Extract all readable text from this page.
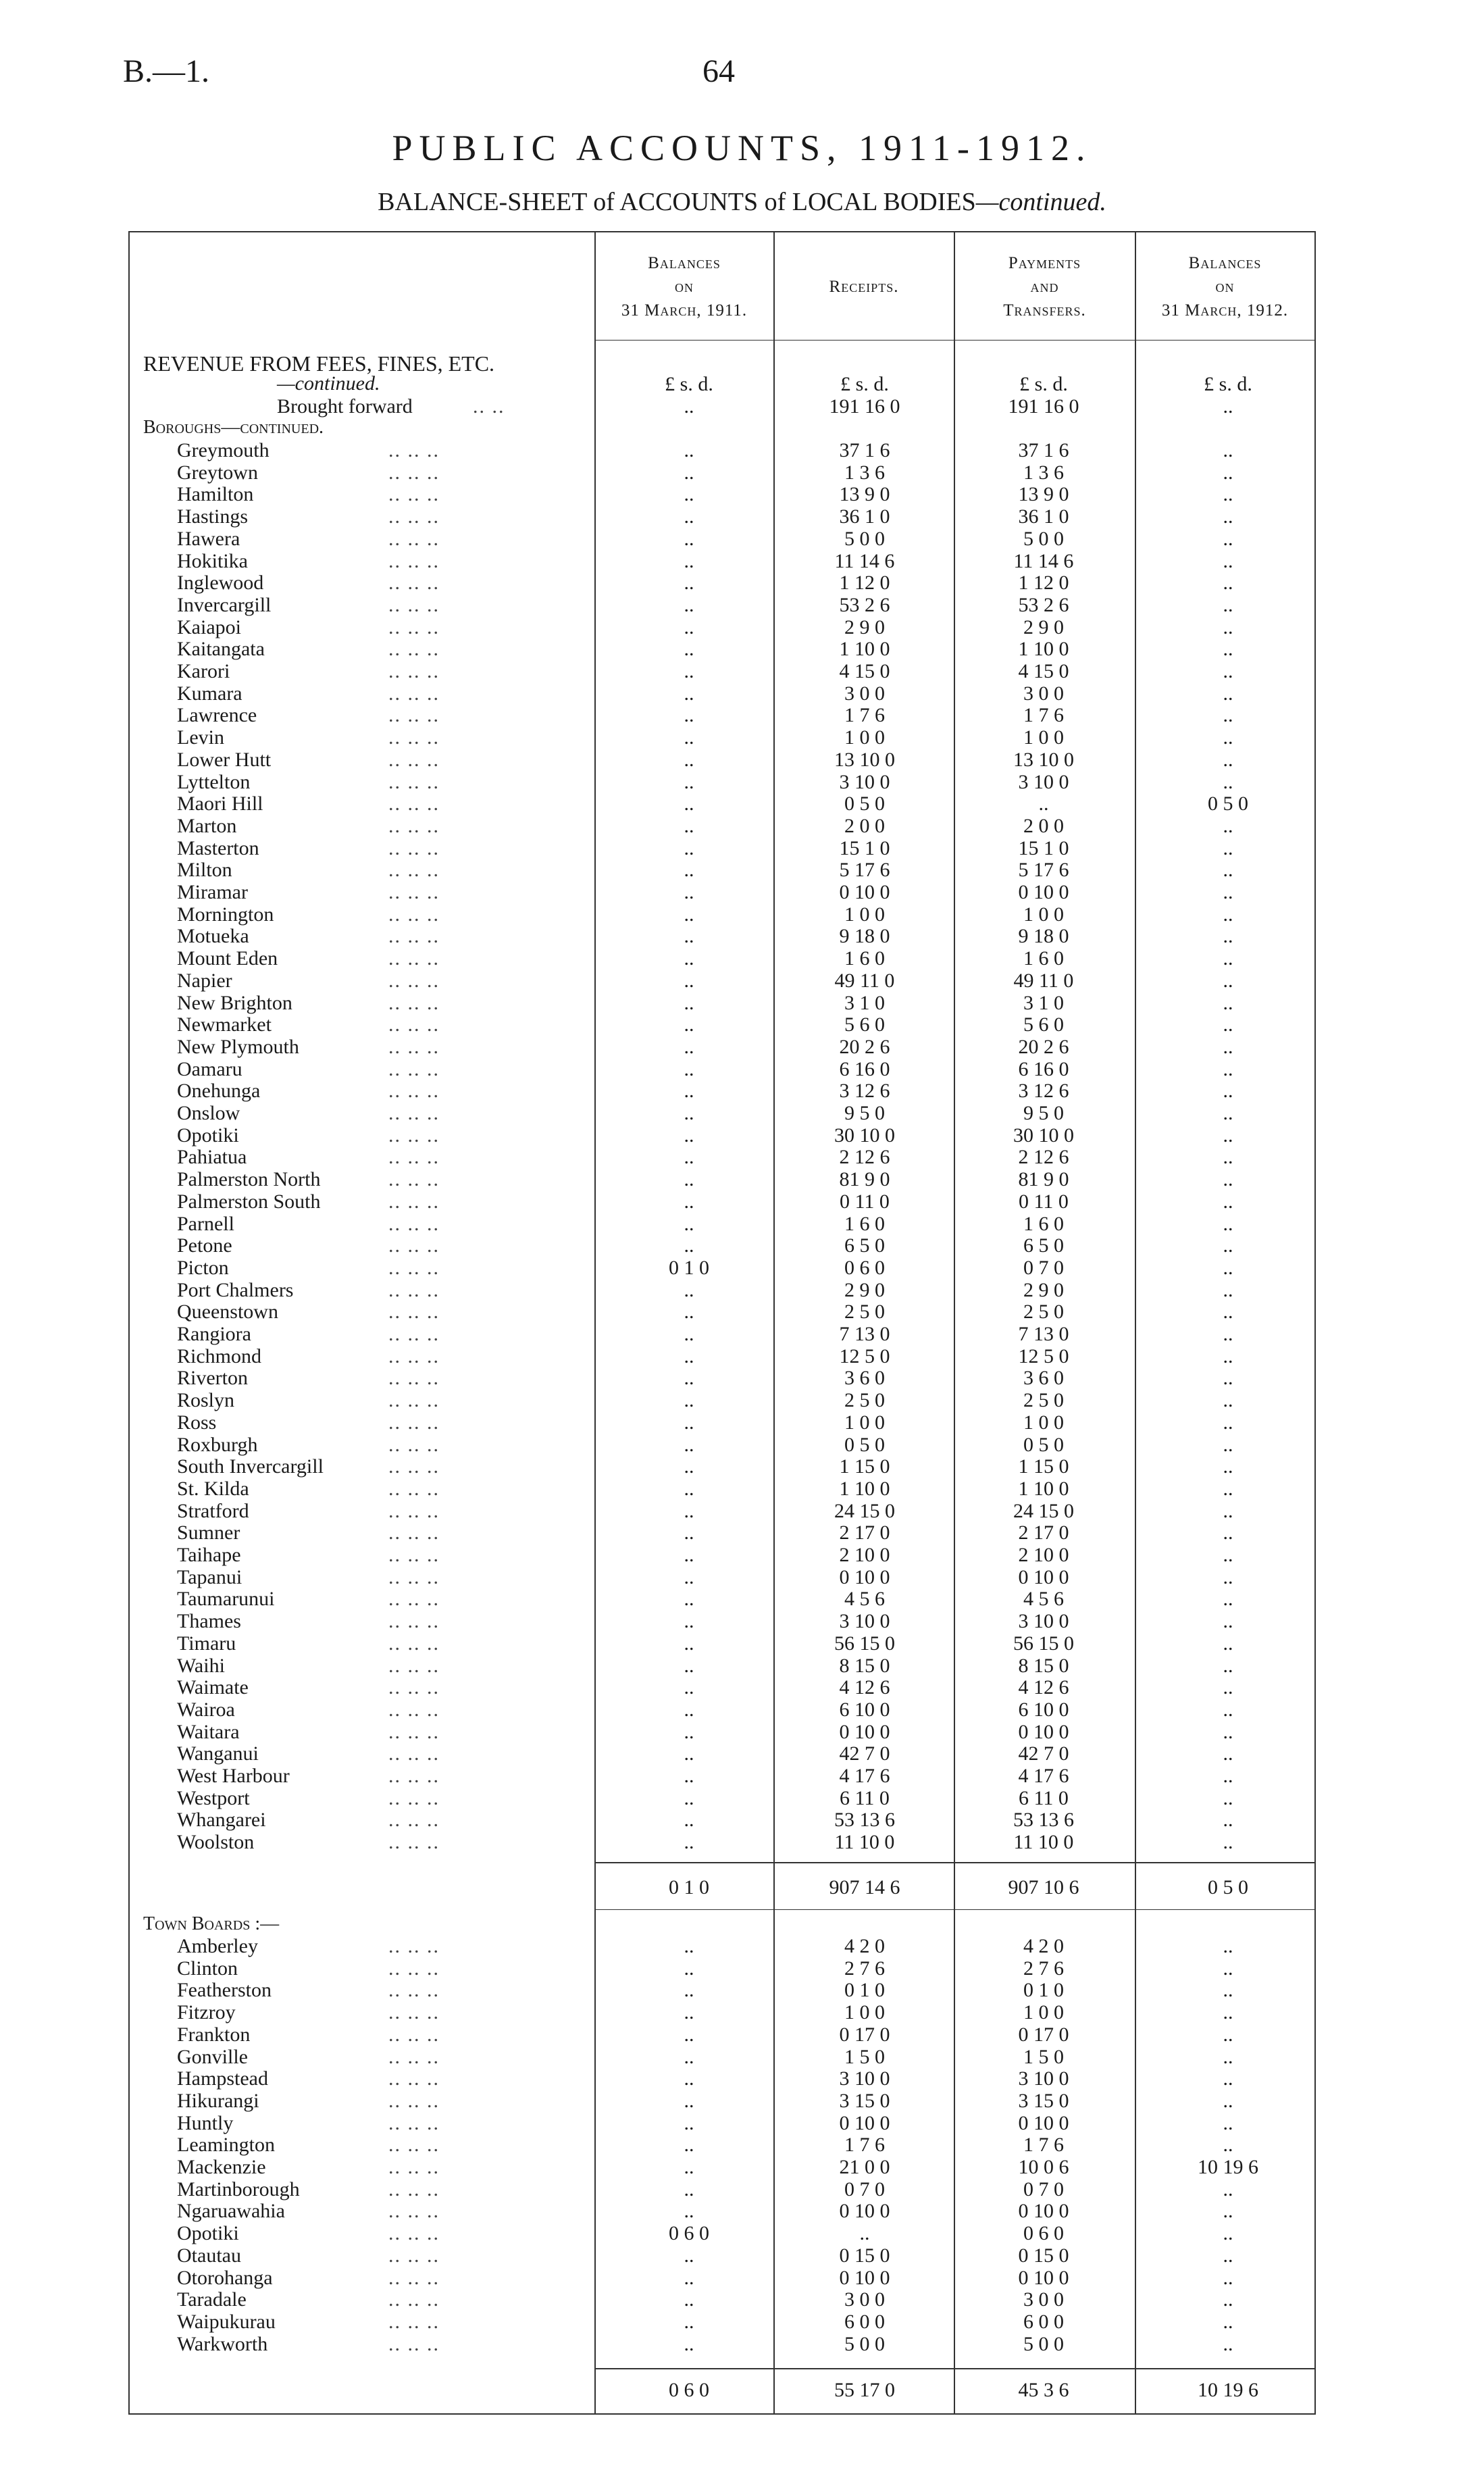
B.—1.	64
PUBLIC ACCOUNTS, 1911-1912.
BALANCE-SHEET of ACCOUNTS of LOCAL BODIES—continued.
Balances
on
31 March, 1911.
Receipts.
Payments
and
Transfers.
Balances
on
31 March, 1912.
REVENUE FROM FEES, FINES, ETC.
—continued.	£ s. d.	£ s. d.	£ s. d.	£ s. d.
Brought forward	.. ..	..	191 16 0	191 16 0	..
Boroughs—continued.
Greymouth	.. .. ..	..	37 1 6	37 1 6	..
Greytown	.. .. ..	..	1 3 6	1 3 6	..
Hamilton	.. .. ..	..	13 9 0	13 9 0	..
Hastings	.. .. ..	..	36 1 0	36 1 0	..
Hawera	.. .. ..	..	5 0 0	5 0 0	..
Hokitika	.. .. ..	..	11 14 6	11 14 6	..
Inglewood	.. .. ..	..	1 12 0	1 12 0	..
Invercargill	.. .. ..	..	53 2 6	53 2 6	..
Kaiapoi	.. .. ..	..	2 9 0	2 9 0	..
Kaitangata	.. .. ..	..	1 10 0	1 10 0	..
Karori	.. .. ..	..	4 15 0	4 15 0	..
Kumara	.. .. ..	..	3 0 0	3 0 0	..
Lawrence	.. .. ..	..	1 7 6	1 7 6	..
Levin	.. .. ..	..	1 0 0	1 0 0	..
Lower Hutt	.. .. ..	..	13 10 0	13 10 0	..
Lyttelton	.. .. ..	..	3 10 0	3 10 0	..
Maori Hill	.. .. ..	..	0 5 0	..	0 5 0
Marton	.. .. ..	..	2 0 0	2 0 0	..
Masterton	.. .. ..	..	15 1 0	15 1 0	..
Milton	.. .. ..	..	5 17 6	5 17 6	..
Miramar	.. .. ..	..	0 10 0	0 10 0	..
Mornington	.. .. ..	..	1 0 0	1 0 0	..
Motueka	.. .. ..	..	9 18 0	9 18 0	..
Mount Eden	.. .. ..	..	1 6 0	1 6 0	..
Napier	.. .. ..	..	49 11 0	49 11 0	..
New Brighton	.. .. ..	..	3 1 0	3 1 0	..
Newmarket	.. .. ..	..	5 6 0	5 6 0	..
New Plymouth	.. .. ..	..	20 2 6	20 2 6	..
Oamaru	.. .. ..	..	6 16 0	6 16 0	..
Onehunga	.. .. ..	..	3 12 6	3 12 6	..
Onslow	.. .. ..	..	9 5 0	9 5 0	..
Opotiki	.. .. ..	..	30 10 0	30 10 0	..
Pahiatua	.. .. ..	..	2 12 6	2 12 6	..
Palmerston North	.. .. ..	..	81 9 0	81 9 0	..
Palmerston South	.. .. ..	..	0 11 0	0 11 0	..
Parnell	.. .. ..	..	1 6 0	1 6 0	..
Petone	.. .. ..	..	6 5 0	6 5 0	..
Picton	.. .. ..	0 1 0	0 6 0	0 7 0	..
Port Chalmers	.. .. ..	..	2 9 0	2 9 0	..
Queenstown	.. .. ..	..	2 5 0	2 5 0	..
Rangiora	.. .. ..	..	7 13 0	7 13 0	..
Richmond	.. .. ..	..	12 5 0	12 5 0	..
Riverton	.. .. ..	..	3 6 0	3 6 0	..
Roslyn	.. .. ..	..	2 5 0	2 5 0	..
Ross	.. .. ..	..	1 0 0	1 0 0	..
Roxburgh	.. .. ..	..	0 5 0	0 5 0	..
South Invercargill	.. .. ..	..	1 15 0	1 15 0	..
St. Kilda	.. .. ..	..	1 10 0	1 10 0	..
Stratford	.. .. ..	..	24 15 0	24 15 0	..
Sumner	.. .. ..	..	2 17 0	2 17 0	..
Taihape	.. .. ..	..	2 10 0	2 10 0	..
Tapanui	.. .. ..	..	0 10 0	0 10 0	..
Taumarunui	.. .. ..	..	4 5 6	4 5 6	..
Thames	.. .. ..	..	3 10 0	3 10 0	..
Timaru	.. .. ..	..	56 15 0	56 15 0	..
Waihi	.. .. ..	..	8 15 0	8 15 0	..
Waimate	.. .. ..	..	4 12 6	4 12 6	..
Wairoa	.. .. ..	..	6 10 0	6 10 0	..
Waitara	.. .. ..	..	0 10 0	0 10 0	..
Wanganui	.. .. ..	..	42 7 0	42 7 0	..
West Harbour	.. .. ..	..	4 17 6	4 17 6	..
Westport	.. .. ..	..	6 11 0	6 11 0	..
Whangarei	.. .. ..	..	53 13 6	53 13 6	..
Woolston	.. .. ..	..	11 10 0	11 10 0	..
0 1 0	907 14 6	907 10 6	0 5 0
Town Boards :—
Amberley	.. .. ..	..	4 2 0	4 2 0	..
Clinton	.. .. ..	..	2 7 6	2 7 6	..
Featherston	.. .. ..	..	0 1 0	0 1 0	..
Fitzroy	.. .. ..	..	1 0 0	1 0 0	..
Frankton	.. .. ..	..	0 17 0	0 17 0	..
Gonville	.. .. ..	..	1 5 0	1 5 0	..
Hampstead	.. .. ..	..	3 10 0	3 10 0	..
Hikurangi	.. .. ..	..	3 15 0	3 15 0	..
Huntly	.. .. ..	..	0 10 0	0 10 0	..
Leamington	.. .. ..	..	1 7 6	1 7 6	..
Mackenzie	.. .. ..	..	21 0 0	10 0 6	10 19 6
Martinborough	.. .. ..	..	0 7 0	0 7 0	..
Ngaruawahia	.. .. ..	..	0 10 0	0 10 0	..
Opotiki	.. .. ..	0 6 0	..	0 6 0	..
Otautau	.. .. ..	..	0 15 0	0 15 0	..
Otorohanga	.. .. ..	..	0 10 0	0 10 0	..
Taradale	.. .. ..	..	3 0 0	3 0 0	..
Waipukurau	.. .. ..	..	6 0 0	6 0 0	..
Warkworth	.. .. ..	..	5 0 0	5 0 0	..
0 6 0	55 17 0	45 3 6	10 19 6
